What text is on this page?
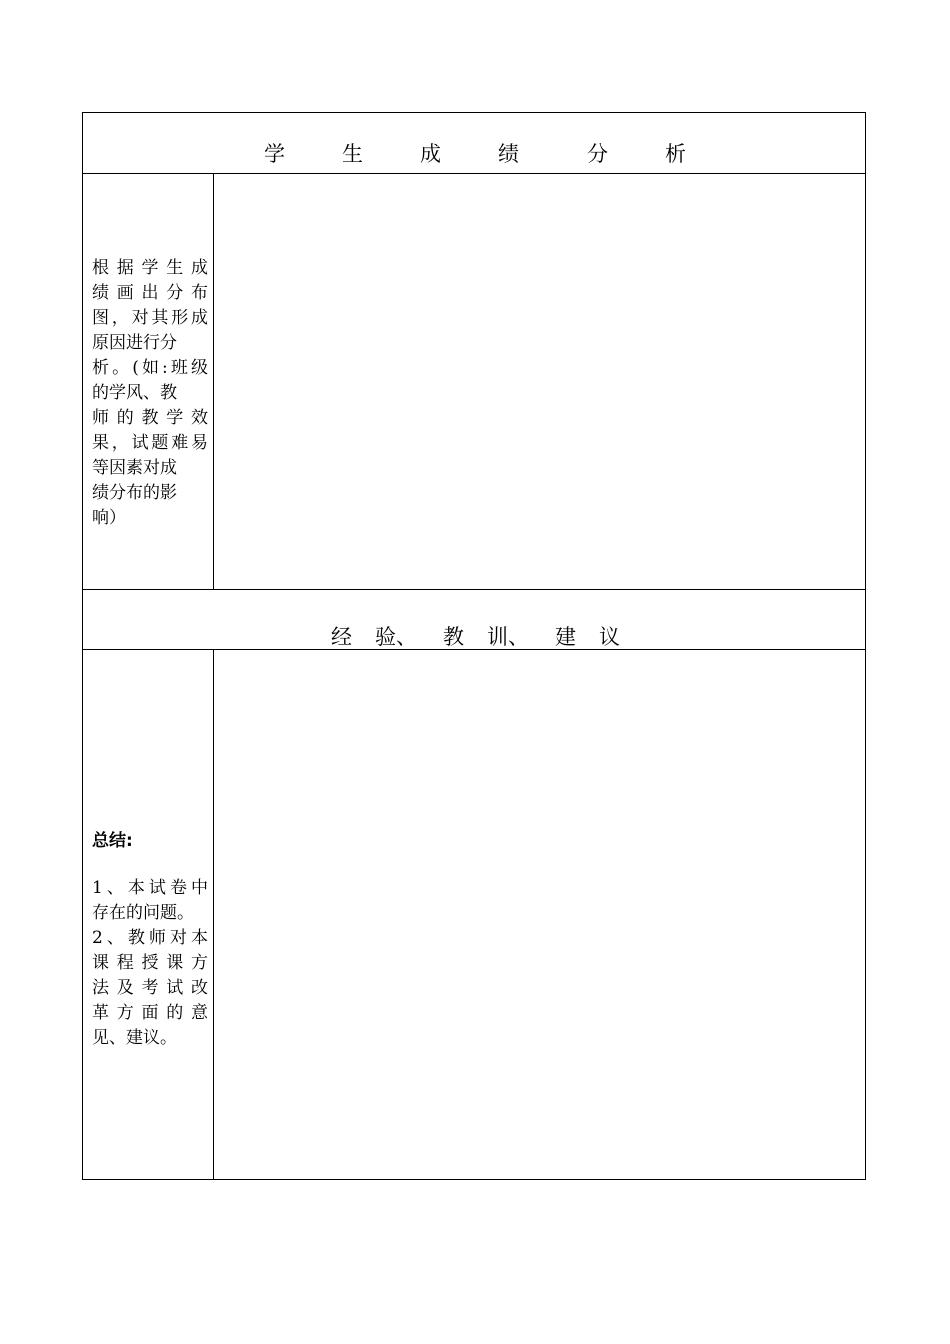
学	生	成	绩	分	析
根据学生成
绩画出分布
图，对其形成
原因进行分
析。(如:班级
的学风、教
师的教学效
果，试题难易
等因素对成
绩分布的影
响）
经 验、 教 训、 建 议
总结:
1、本试卷中
存在的问题。
2、教师对本
课程授课方
法及考试改
革方面的意
见、建议。
